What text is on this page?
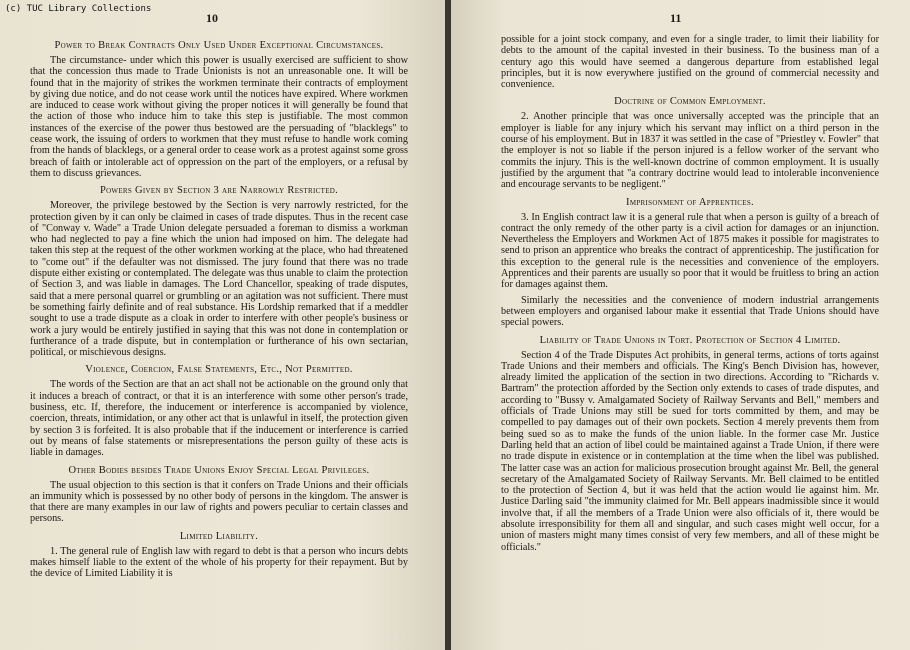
(c) TUC Library Collections
10
Power to Break Contracts Only Used Under Exceptional Circumstances.
The circumstance- under which this power is usually exercised are sufficient to show that the concession thus made to Trade Unionists is not an unreasonable one. It will be found that in the majority of strikes the workmen terminate their contracts of employment by giving due notice, and do not cease work until the notices have expired. Where workmen are induced to cease work without giving the proper notices it will generally be found that the action of those who induce him to take this step is justifiable. The most common instances of the exercise of the power thus bestowed are the persuading of "blacklegs" to cease work, the issuing of orders to workmen that they must refuse to handle work coming from the hands of blacklegs, or a general order to cease work as a protest against some gross breach of faith or intolerable act of oppression on the part of the employers, or a refusal by them to discuss grievances.
Powers Given by Section 3 are Narrowly Restricted.
Moreover, the privilege bestowed by the Section is very narrowly restricted, for the protection given by it can only be claimed in cases of trade disputes. Thus in the recent case of "Conway v. Wade" a Trade Union delegate persuaded a foreman to dismiss a workman who had neglected to pay a fine which the union had imposed on him. The delegate had taken this step at the request of the other workmen working at the place, who had threatened to "come out" if the defaulter was not dismissed. The jury found that there was no trade dispute either existing or contemplated. The delegate was thus unable to claim the protection of Section 3, and was liable in damages. The Lord Chancellor, speaking of trade disputes, said that a mere personal quarrel or grumbling or an agitation was not sufficient. There must be something fairly definite and of real substance. His Lordship remarked that if a meddler sought to use a trade dispute as a cloak in order to interfere with other people's business or work a jury would be entirely justified in saying that this was not done in contemplation or furtherance of a trade dispute, but in contemplation or furtherance of his own sectarian, political, or mischievous designs.
Violence, Coercion, False Statements, Etc., Not Permitted.
The words of the Section are that an act shall not be actionable on the ground only that it induces a breach of contract, or that it is an interference with some other person's trade, business, etc. If, therefore, the inducement or interference is accompanied by violence, coercion, threats, intimidation, or any other act that is unlawful in itself, the protection given by section 3 is forfeited. It is also probable that if the inducement or interference is carried out by means of false statements or misrepresentations the person guilty of these acts is liable in damages.
Other Bodies besides Trade Unions Enjoy Special Legal Privileges.
The usual objection to this section is that it confers on Trade Unions and their officials an immunity which is possessed by no other body of persons in the kingdom. The answer is that there are many examples in our law of rights and powers peculiar to certain classes and persons.
Limited Liability.
1. The general rule of English law with regard to debt is that a person who incurs debts makes himself liable to the extent of the whole of his property for their repayment. But by the device of Limited Liability it is
11
possible for a joint stock company, and even for a single trader, to limit their liability for debts to the amount of the capital invested in their business. To the business man of a century ago this would have seemed a dangerous departure from established legal principles, but it is now everywhere justified on the ground of commercial necessity and convenience.
Doctrine of Common Employment.
2. Another principle that was once universally accepted was the principle that an employer is liable for any injury which his servant may inflict on a third person in the course of his employment. But in 1837 it was settled in the case of "Priestley v. Fowler" that the employer is not so liable if the person injured is a fellow worker of the servant who commits the injury. This is the well-known doctrine of common employment. It is usually justified by the argument that "a contrary doctrine would lead to intolerable inconvenience and encourage servants to be negligent."
Imprisonment of Apprentices.
3. In English contract law it is a general rule that when a person is guilty of a breach of contract the only remedy of the other party is a civil action for damages or an injunction. Nevertheless the Employers and Workmen Act of 1875 makes it possible for magistrates to send to prison an apprentice who breaks the contract of apprenticeship. The justification for this exception to the general rule is the necessities and convenience of the employers. Apprentices and their parents are usually so poor that it would be fruitless to bring an action for damages against them.
Similarly the necessities and the convenience of modern industrial arrangements between employers and organised labour make it essential that Trade Unions should have special powers.
Liability of Trade Unions in Tort. Protection of Section 4 Limited.
Section 4 of the Trade Disputes Act prohibits, in general terms, actions of torts against Trade Unions and their members and officials. The King's Bench Division has, however, already limited the application of the section in two directions. According to "Richards v. Bartram" the protection afforded by the Section only extends to cases of trade disputes, and according to "Bussy v. Amalgamated Society of Railway Servants and Bell," members and officials of Trade Unions may still be sued for torts committed by them, and may be compelled to pay damages out of their own pockets. Section 4 merely prevents them from being sued so as to make the funds of the union liable. In the former case Mr. Justice Darling held that an action of libel could be maintained against a Trade Union, if there were no trade dispute in existence or in contemplation at the time when the libel was published. The latter case was an action for malicious prosecution brought against Mr. Bell, the general secretary of the Amalgamated Society of Railway Servants. Mr. Bell claimed to be entitled to the protection of Section 4, but it was held that the action would lie against him. Mr. Justice Darling said "the immunity claimed for Mr. Bell appears inadmissible since it would involve that, if all the members of a Trade Union were also officials of it, there would be absolute irresponsibility for them all and singular, and such cases might well occur, for a union of masters might many times consist of very few members, and all of these might be officials."
